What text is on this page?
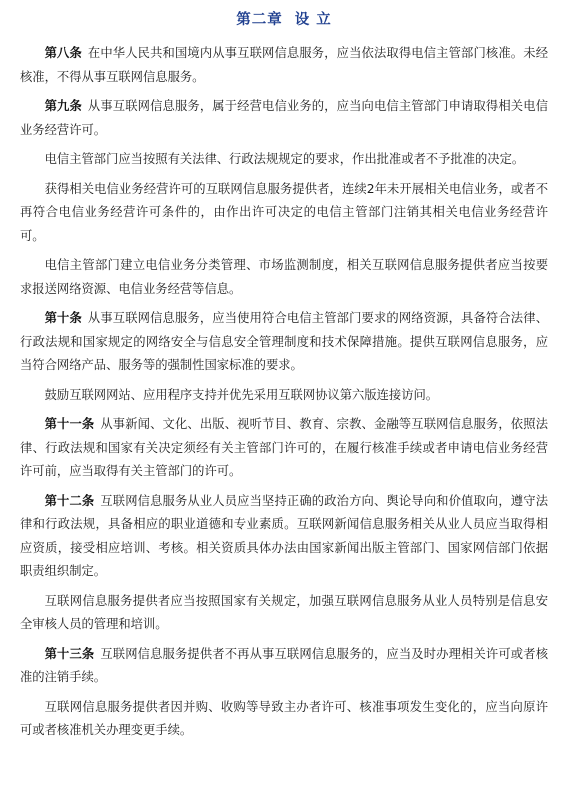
第二章 设 立

第八条 在中华人民共和国境内从事互联网信息服务，应当依法取得电信主管部门核准。未经核准，不得从事互联网信息服务。

第九条 从事互联网信息服务，属于经营电信业务的，应当向电信主管部门申请取得相关电信业务经营许可。

电信主管部门应当按照有关法律、行政法规规定的要求，作出批准或者不予批准的决定。

获得相关电信业务经营许可的互联网信息服务提供者，连续2年未开展相关电信业务，或者不再符合电信业务经营许可条件的，由作出许可决定的电信主管部门注销其相关电信业务经营许可。

电信主管部门建立电信业务分类管理、市场监测制度，相关互联网信息服务提供者应当按要求报送网络资源、电信业务经营等信息。

第十条 从事互联网信息服务，应当使用符合电信主管部门要求的网络资源，具备符合法律、行政法规和国家规定的网络安全与信息安全管理制度和技术保障措施。提供互联网信息服务，应当符合网络产品、服务等的强制性国家标准的要求。

鼓励互联网网站、应用程序支持并优先采用互联网协议第六版连接访问。

第十一条 从事新闻、文化、出版、视听节目、教育、宗教、金融等互联网信息服务，依照法律、行政法规和国家有关决定须经有关主管部门许可的，在履行核准手续或者申请电信业务经营许可前，应当取得有关主管部门的许可。

第十二条 互联网信息服务从业人员应当坚持正确的政治方向、舆论导向和价值取向，遵守法律和行政法规，具备相应的职业道德和专业素质。互联网新闻信息服务相关从业人员应当取得相应资质，接受相应培训、考核。相关资质具体办法由国家新闻出版主管部门、国家网信部门依据职责组织制定。

互联网信息服务提供者应当按照国家有关规定，加强互联网信息服务从业人员特别是信息安全审核人员的管理和培训。

第十三条 互联网信息服务提供者不再从事互联网信息服务的，应当及时办理相关许可或者核准的注销手续。

互联网信息服务提供者因并购、收购等导致主办者许可、核准事项发生变化的，应当向原许可或者核准机关办理变更手续。
